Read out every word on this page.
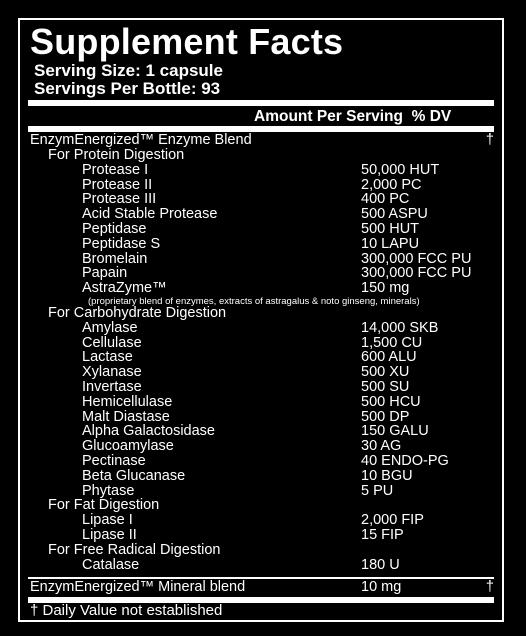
Supplement Facts
Serving Size: 1 capsule
Servings Per Bottle: 93
Amount Per Serving % DV
EnzymEnergized™ Enzyme Blend	†
For Protein Digestion
Protease I	50,000 HUT
Protease II	2,000 PC
Protease III	400 PC
Acid Stable Protease	500 ASPU
Peptidase	500 HUT
Peptidase S	10 LAPU
Bromelain	300,000 FCC PU
Papain	300,000 FCC PU
AstraZyme™	150 mg
For Carbohydrate Digestion
Amylase	14,000 SKB
Cellulase	1,500 CU
Lactase	600 ALU
Xylanase	500 XU
Invertase	500 SU
Hemicellulase	500 HCU
Malt Diastase	500 DP
Alpha Galactosidase	150 GALU
Glucoamylase	30 AG
Pectinase	40 ENDO-PG
Beta Glucanase	10 BGU
Phytase	5 PU
For Fat Digestion
Lipase I	2,000 FIP
Lipase II	15 FIP
For Free Radical Digestion
Catalase	180 U
(proprietary blend of enzymes, extracts of astragalus & noto ginseng, minerals)
EnzymEnergized™ Mineral blend	10 mg	†
† Daily Value not established
